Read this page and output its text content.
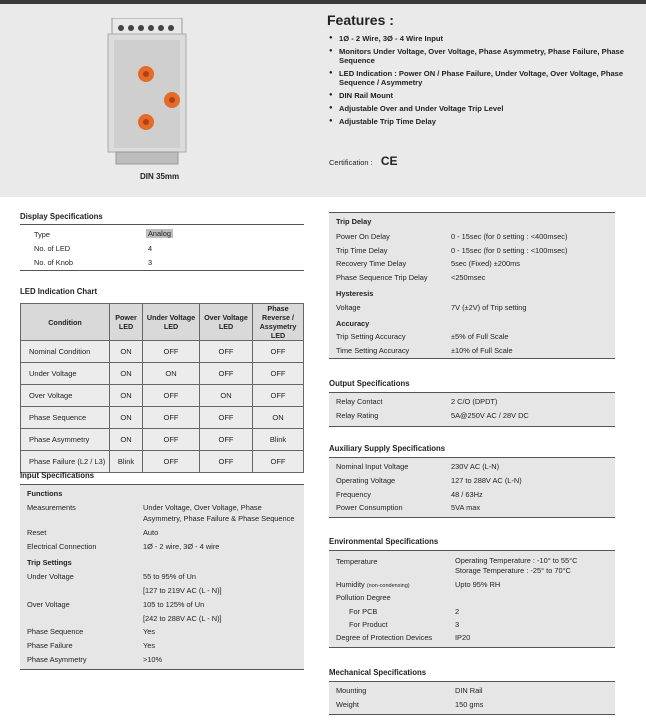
DIN 35mm
Features :
● 1Ø - 2 Wire, 3Ø - 4 Wire Input
● Monitors Under Voltage, Over Voltage, Phase Asymmetry, Phase Failure, Phase Sequence
● LED Indication : Power ON / Phase Failure, Under Voltage, Over Voltage, Phase Sequence / Asymmetry
● DIN Rail Mount
● Adjustable Over and Under Voltage Trip Level
● Adjustable Trip Time Delay
Certification : CE
Display Specifications
Type	Analog
No. of LED	4
No. of Knob	3
LED Indication Chart
Condition	Power LED	Under Voltage LED	Over Voltage LED	Phase Reverse / Assymetry LED
Nominal Condition	ON	OFF	OFF	OFF
Under Voltage	ON	ON	OFF	OFF
Over Voltage	ON	OFF	ON	OFF
Phase Sequence	ON	OFF	OFF	ON
Phase Asymmetry	ON	OFF	OFF	Blink
Phase Failure (L2 / L3)	Blink	OFF	OFF	OFF
Input Specifications
Functions
Measurements	Under Voltage, Over Voltage, Phase
Asymmetry, Phase Failure & Phase Sequence
Reset	Auto
Electrical Connection	1Ø - 2 wire, 3Ø - 4 wire
Trip Settings
Under Voltage	55 to 95% of Un
[127 to 219V AC (L - N)]
Over Voltage	105 to 125% of Un
[242 to 288V AC (L - N)]
Phase Sequence	Yes
Phase Failure	Yes
Phase Asymmetry	>10%
Trip Delay
Power On Delay	0 - 15sec (for 0 setting : <400msec)
Trip Time Delay	0 - 15sec (for 0 setting : <100msec)
Recovery Time Delay	5sec (Fixed) ±200ms
Phase Sequence Trip Delay	<250msec
Hysteresis
Voltage	7V (±2V) of Trip setting
Accuracy
Trip Setting Accuracy	±5% of Full Scale
Time Setting Accuracy	±10% of Full Scale
Output Specifications
Relay Contact	2 C/O (DPDT)
Relay Rating	5A@250V AC / 28V DC
Auxiliary Supply Specifications
Nominal Input Voltage	230V AC (L-N)
Operating Voltage	127 to 288V AC (L-N)
Frequency	48 / 63Hz
Power Consumption	5VA max
Environmental Specifications
Temperature	Operating Temperature : -10° to 55°C
Storage Temperature : -25° to 70°C
Humidity (non-condensing)	Upto 95% RH
Pollution Degree
For PCB	2
For Product	3
Degree of Protection Devices	IP20
Mechanical Specifications
Mounting	DIN Rail
Weight	150 gms
